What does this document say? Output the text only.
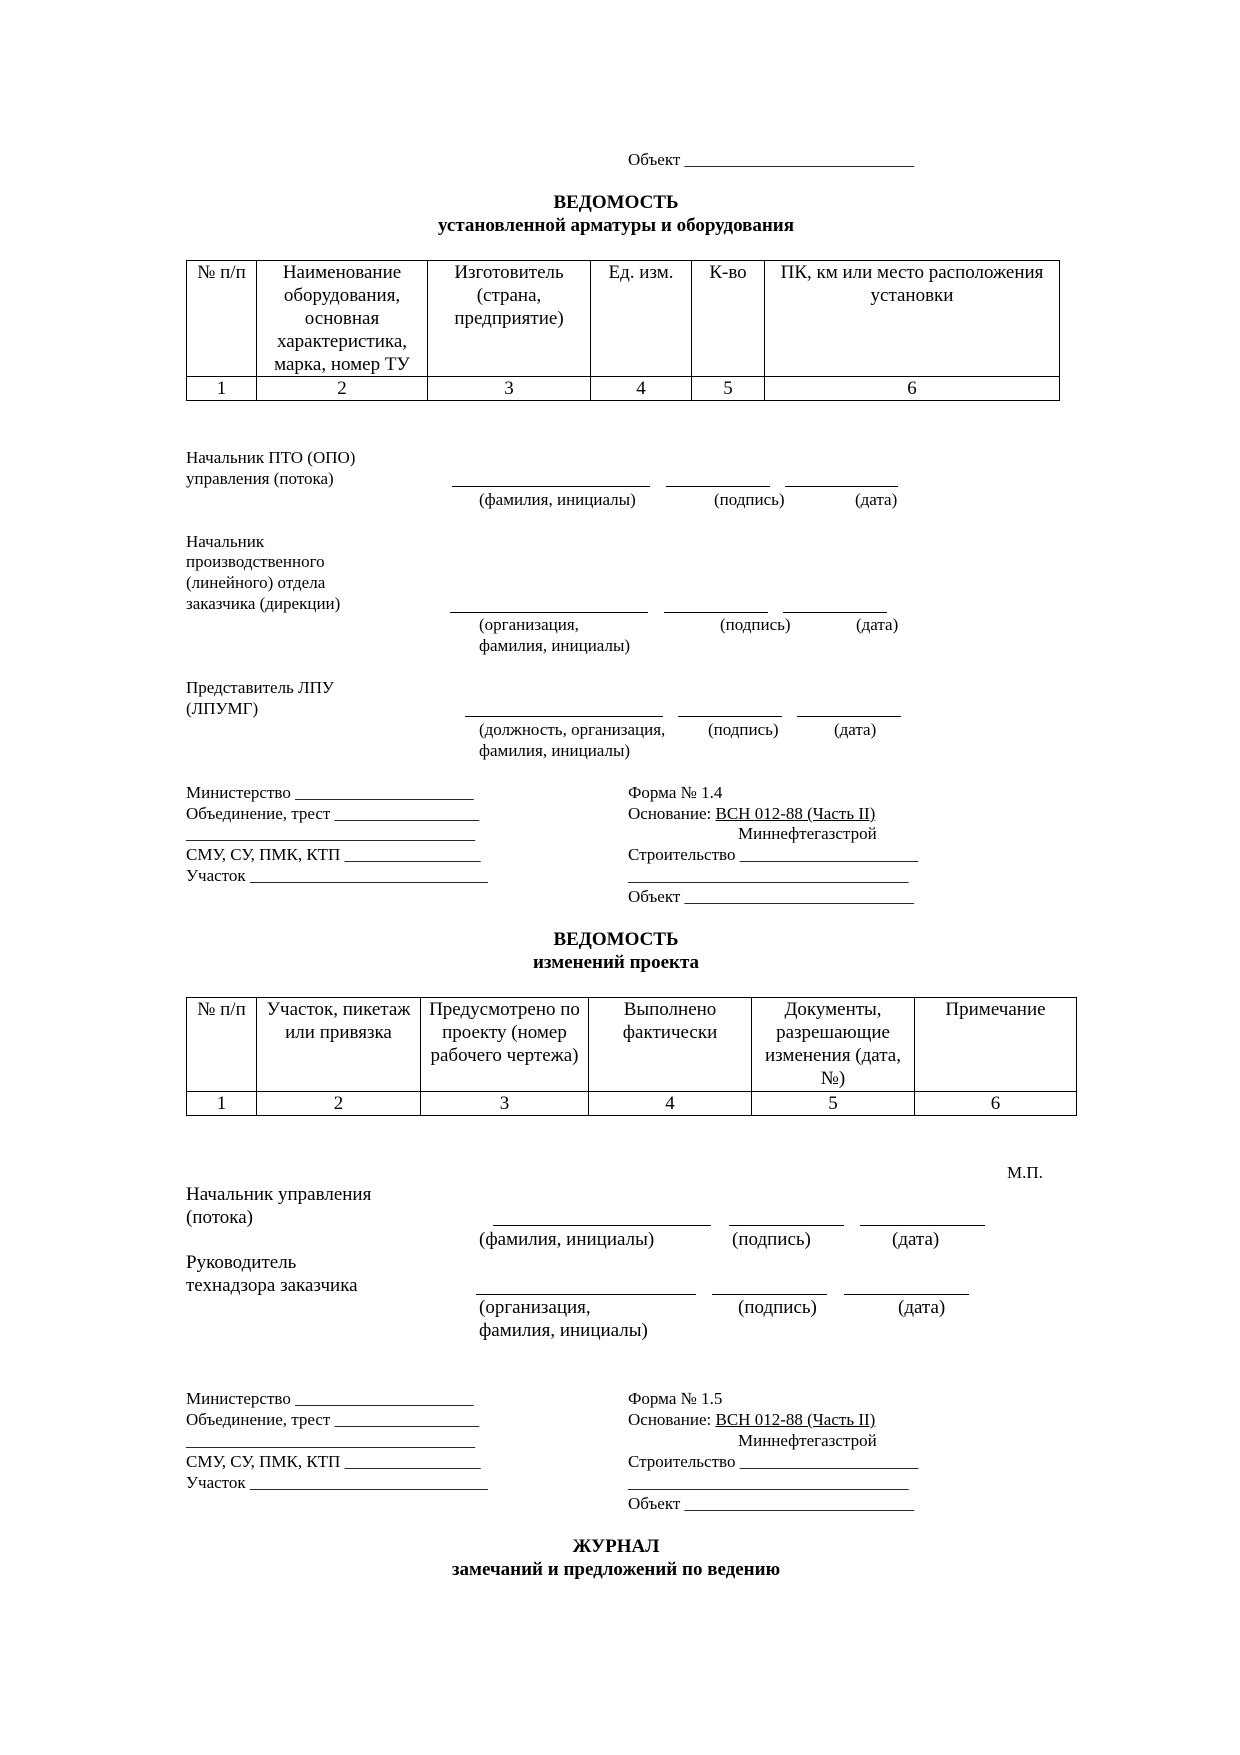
Объект ___________________________
ВЕДОМОСТЬ
установленной арматуры и оборудования
№ п/п	Наименование оборудования, основная характеристика, марка, номер ТУ	Изготовитель (страна, предприятие)	Ед. изм.	К-во	ПК, км или место расположения установки
1	2	3	4	5	6
Начальник ПТО (ОПО)
управления (потока)
(фамилия, инициалы)	(подпись)	(дата)
Начальник
производственного
(линейного) отдела
заказчика (дирекции)
(организация,
фамилия, инициалы)
(подпись)	(дата)
Представитель ЛПУ
(ЛПУМГ)
(должность, организация,
фамилия, инициалы)
(подпись)	(дата)
Министерство _____________________
Объединение, трест _________________
__________________________________
СМУ, СУ, ПМК, КТП ________________
Участок ____________________________
Форма № 1.4
Основание: ВСН 012-88 (Часть II)
Миннефтегазстрой
Строительство _____________________
_________________________________
Объект ___________________________
ВЕДОМОСТЬ
изменений проекта
№ п/п	Участок, пикетаж или привязка	Предусмотрено по проекту (номер рабочего чертежа)	Выполнено фактически	Документы, разрешающие изменения (дата, №)	Примечание
1	2	3	4	5	6
М.П.
Начальник управления
(потока)
(фамилия, инициалы)	(подпись)	(дата)
Руководитель
технадзора заказчика
(организация,
фамилия, инициалы)
(подпись)	(дата)
Министерство _____________________
Объединение, трест _________________
__________________________________
СМУ, СУ, ПМК, КТП ________________
Участок ____________________________
Форма № 1.5
Основание: ВСН 012-88 (Часть II)
Миннефтегазстрой
Строительство _____________________
_________________________________
Объект ___________________________
ЖУРНАЛ
замечаний и предложений по ведению
